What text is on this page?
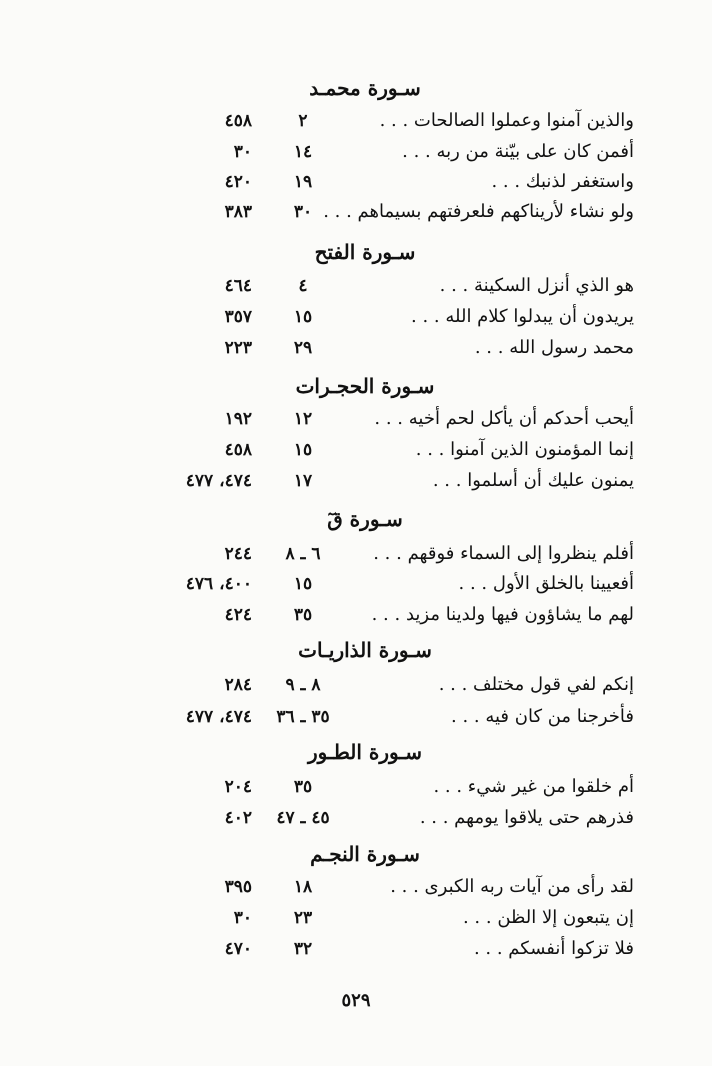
سـورة محمـد
والذين آمنوا وعملوا الصالحات . . .
٢
٤٥٨
أفمن كان على بيّنة من ربه . . .
١٤
٣٠
واستغفر لذنبك . . .
١٩
٤٢٠
ولو نشاء لأريناكهم فلعرفتهم بسيماهم . . .
٣٠
٣٨٣
سـورة الفتح
هو الذي أنزل السكينة . . .
٤
٤٦٤
يريدون أن يبدلوا كلام الله . . .
١٥
٣٥٧
محمد رسول الله . . .
٢٩
٢٢٣
سـورة الحجـرات
أيحب أحدكم أن يأكل لحم أخيه . . .
١٢
١٩٢
إنما المؤمنون الذين آمنوا . . .
١٥
٤٥٨
يمنون عليك أن أسلموا . . .
١٧
٤٧٤، ٤٧٧
سـورة قٓ
أفلم ينظروا إلى السماء فوقهم . . .
٦ ـ ٨
٢٤٤
أفعيينا بالخلق الأول . . .
١٥
٤٠٠، ٤٧٦
لهم ما يشاؤون فيها ولدينا مزيد . . .
٣٥
٤٢٤
سـورة الذاريـات
إنكم لفي قول مختلف . . .
٨ ـ ٩
٢٨٤
فأخرجنا من كان فيه . . .
٣٥ ـ ٣٦
٤٧٤، ٤٧٧
سـورة الطـور
أم خلقوا من غير شيء . . .
٣٥
٢٠٤
فذرهم حتى يلاقوا يومهم . . .
٤٥ ـ ٤٧
٤٠٢
سـورة النجـم
لقد رأى من آيات ربه الكبرى . . .
١٨
٣٩٥
إن يتبعون إلا الظن . . .
٢٣
٣٠
فلا تزكوا أنفسكم . . .
٣٢
٤٧٠
٥٢٩
